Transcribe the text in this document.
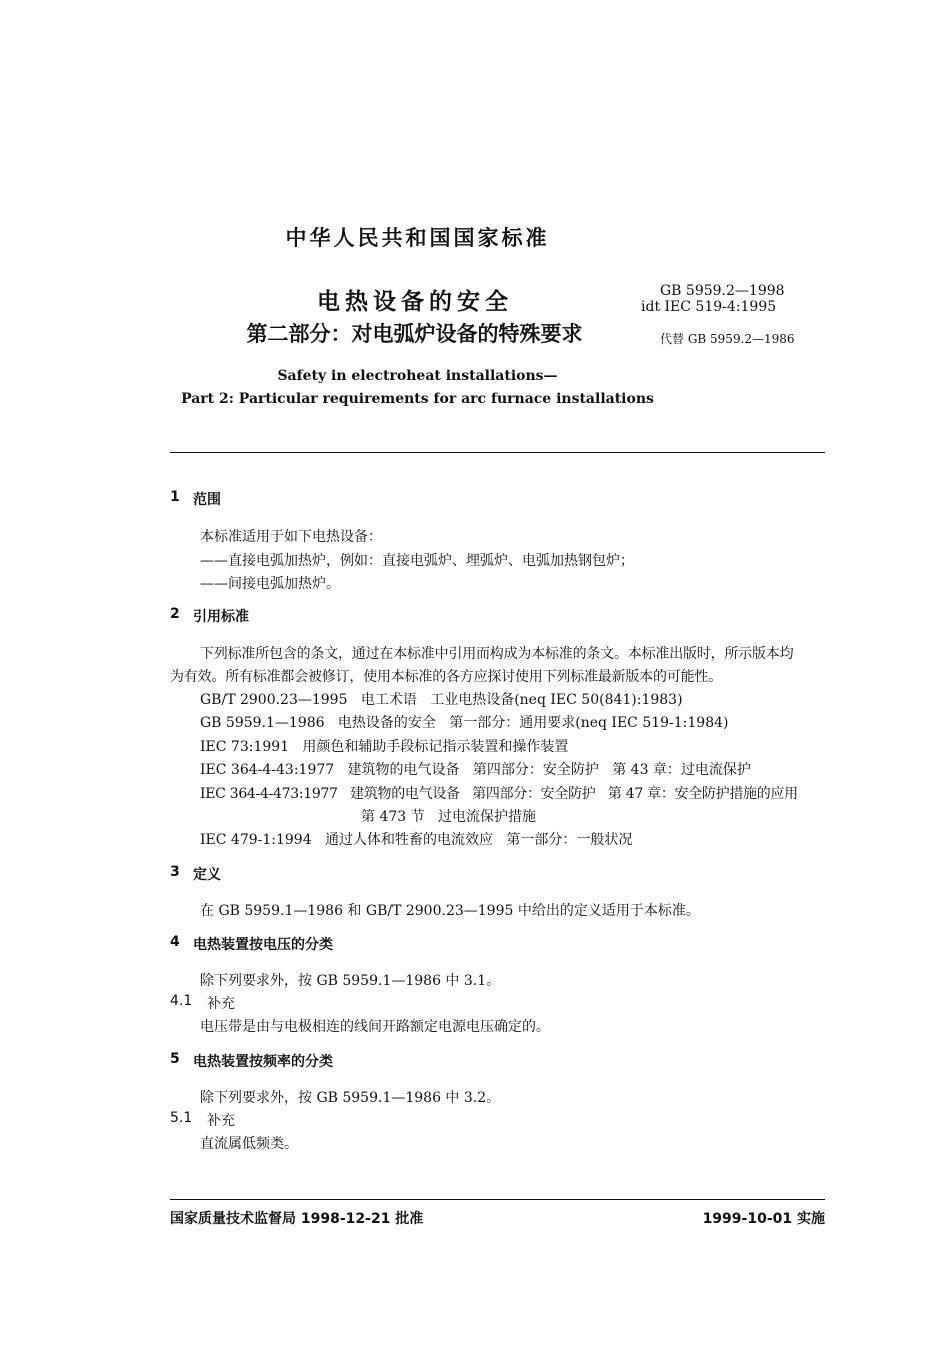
中华人民共和国国家标准
电热设备的安全
第二部分：对电弧炉设备的特殊要求
GB 5959.2—1998
idt IEC 519-4:1995
代替 GB 5959.2—1986
Safety in electroheat installations—
Part 2: Particular requirements for arc furnace installations
1 范围
本标准适用于如下电热设备：
——直接电弧加热炉，例如：直接电弧炉、埋弧炉、电弧加热钢包炉；
——间接电弧加热炉。
2 引用标准
下列标准所包含的条文，通过在本标准中引用而构成为本标准的条文。本标准出版时，所示版本均
为有效。所有标准都会被修订，使用本标准的各方应探讨使用下列标准最新版本的可能性。
GB/T 2900.23—1995   电工术语   工业电热设备(neq IEC 50(841):1983)
GB 5959.1—1986   电热设备的安全   第一部分：通用要求(neq IEC 519-1:1984)
IEC 73:1991   用颜色和辅助手段标记指示装置和操作装置
IEC 364-4-43:1977   建筑物的电气设备   第四部分：安全防护   第 43 章：过电流保护
IEC 364-4-473:1977   建筑物的电气设备   第四部分：安全防护   第 47 章：安全防护措施的应用
第 473 节   过电流保护措施
IEC 479-1:1994   通过人体和牲畜的电流效应   第一部分：一般状况
3 定义
在 GB 5959.1—1986 和 GB/T 2900.23—1995 中给出的定义适用于本标准。
4 电热装置按电压的分类
除下列要求外，按 GB 5959.1—1986 中 3.1。
4.1 补充
电压带是由与电极相连的线间开路额定电源电压确定的。
5 电热装置按频率的分类
除下列要求外，按 GB 5959.1—1986 中 3.2。
5.1 补充
直流属低频类。
国家质量技术监督局 1998-12-21 批准	1999-10-01 实施
